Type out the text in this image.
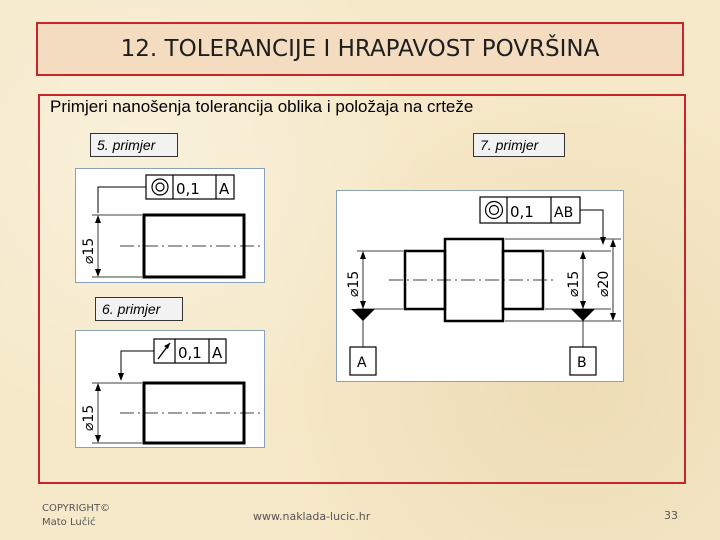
12. TOLERANCIJE I HRAPAVOST POVRŠINA
Primjeri nanošenja tolerancija oblika i položaja na crteže
5. primjer
0,1 A
⌀15
6. primjer
0,1 A
⌀15
7. primjer
0,1 AB
⌀15
A
⌀15 ⌀20
B
COPYRIGHT©
Mato Lučić	www.naklada-lucic.hr	33
